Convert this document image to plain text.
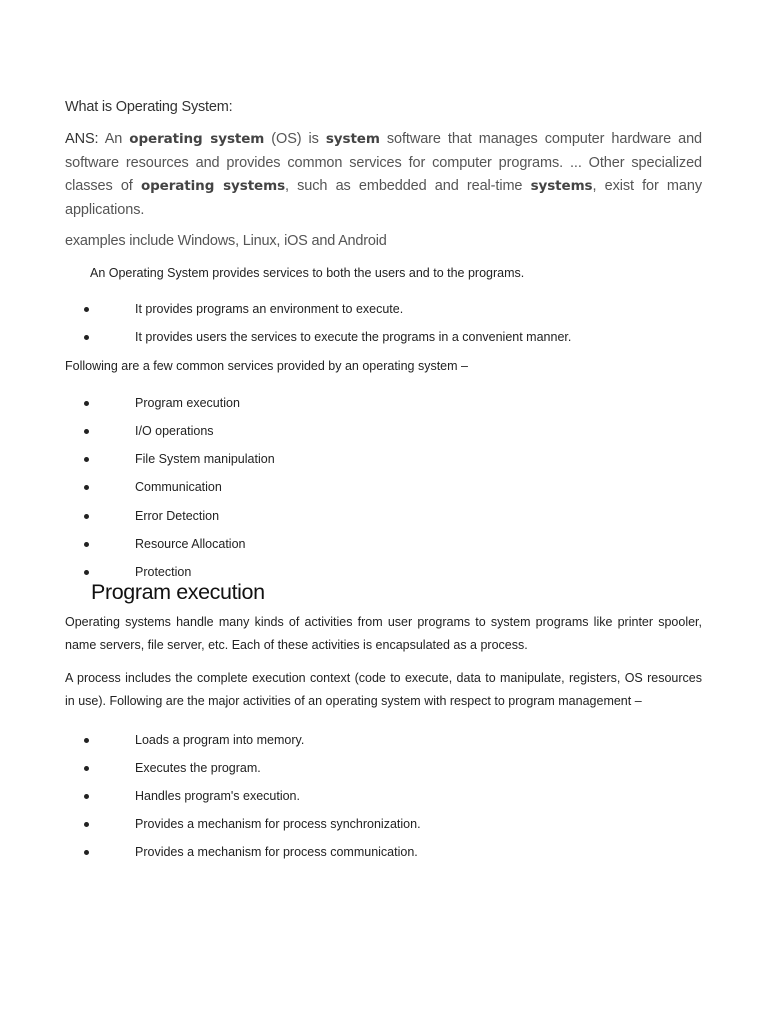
What is Operating System:

ANS: An operating system (OS) is system software that manages computer hardware and software resources and provides common services for computer programs. ... Other specialized classes of operating systems, such as embedded and real-time systems, exist for many applications.

examples include Windows, Linux, iOS and Android
An Operating System provides services to both the users and to the programs.
It provides programs an environment to execute.
It provides users the services to execute the programs in a convenient manner.
Following are a few common services provided by an operating system –
Program execution
I/O operations
File System manipulation
Communication
Error Detection
Resource Allocation
Protection
Program execution

Operating systems handle many kinds of activities from user programs to system programs like printer spooler, name servers, file server, etc. Each of these activities is encapsulated as a process.

A process includes the complete execution context (code to execute, data to manipulate, registers, OS resources in use). Following are the major activities of an operating system with respect to program management –

Loads a program into memory.
Executes the program.
Handles program's execution.
Provides a mechanism for process synchronization.
Provides a mechanism for process communication.
